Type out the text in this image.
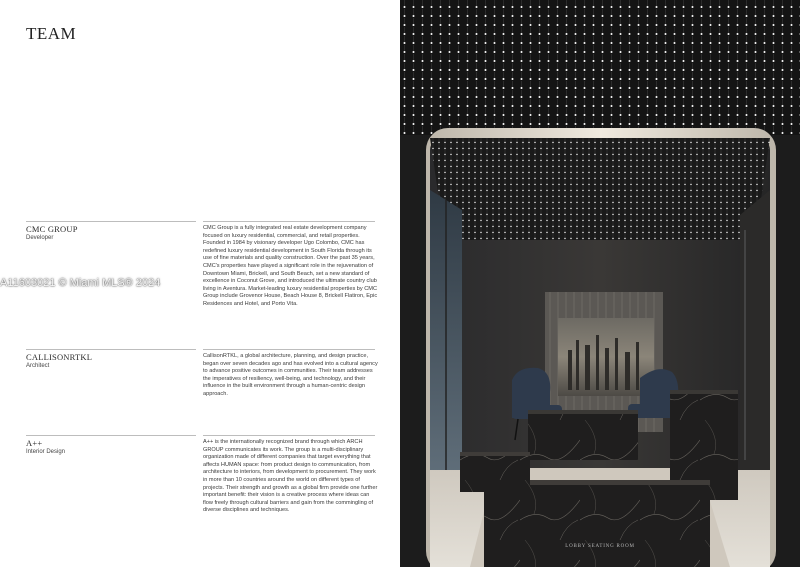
TEAM
CMC GROUP
Developer
CMC Group is a fully integrated real estate development company focused on luxury residential, commercial, and retail properties. Founded in 1984 by visionary developer Ugo Colombo, CMC has redefined luxury residential development in South Florida through its use of fine materials and quality construction. Over the past 35 years, CMC's properties have played a significant role in the rejuvenation of Downtown Miami, Brickell, and South Beach, set a new standard of excellence in Coconut Grove, and introduced the ultimate country club living in Aventura. Market-leading luxury residential properties by CMC Group include Grovenor House, Beach House 8, Brickell Flatiron, Epic Residences and Hotel, and Porto Vita.
CALLISONRTKL
Architect
CallisonRTKL, a global architecture, planning, and design practice, began over seven decades ago and has evolved into a cultural agency to advance positive outcomes in communities. Their team addresses the imperatives of resiliency, well-being, and technology, and their influence in the built environment through a human-centric design approach.
A++
Interior Design
A++ is the internationally recognized brand through which ARCH GROUP communicates its work. The group is a multi-disciplinary organization made of different companies that target everything that affects HUMAN space: from product design to communication, from architecture to interiors, from development to procurement. They work in more than 10 countries around the world on different types of projects. Their strength and growth as a global firm provide one further important benefit: their vision is a creative process where ideas can flow freely through cultural barriers and gain from the commingling of diverse disciplines and techniques.
A11603021 © Miami MLS® 2024
LOBBY SEATING ROOM
